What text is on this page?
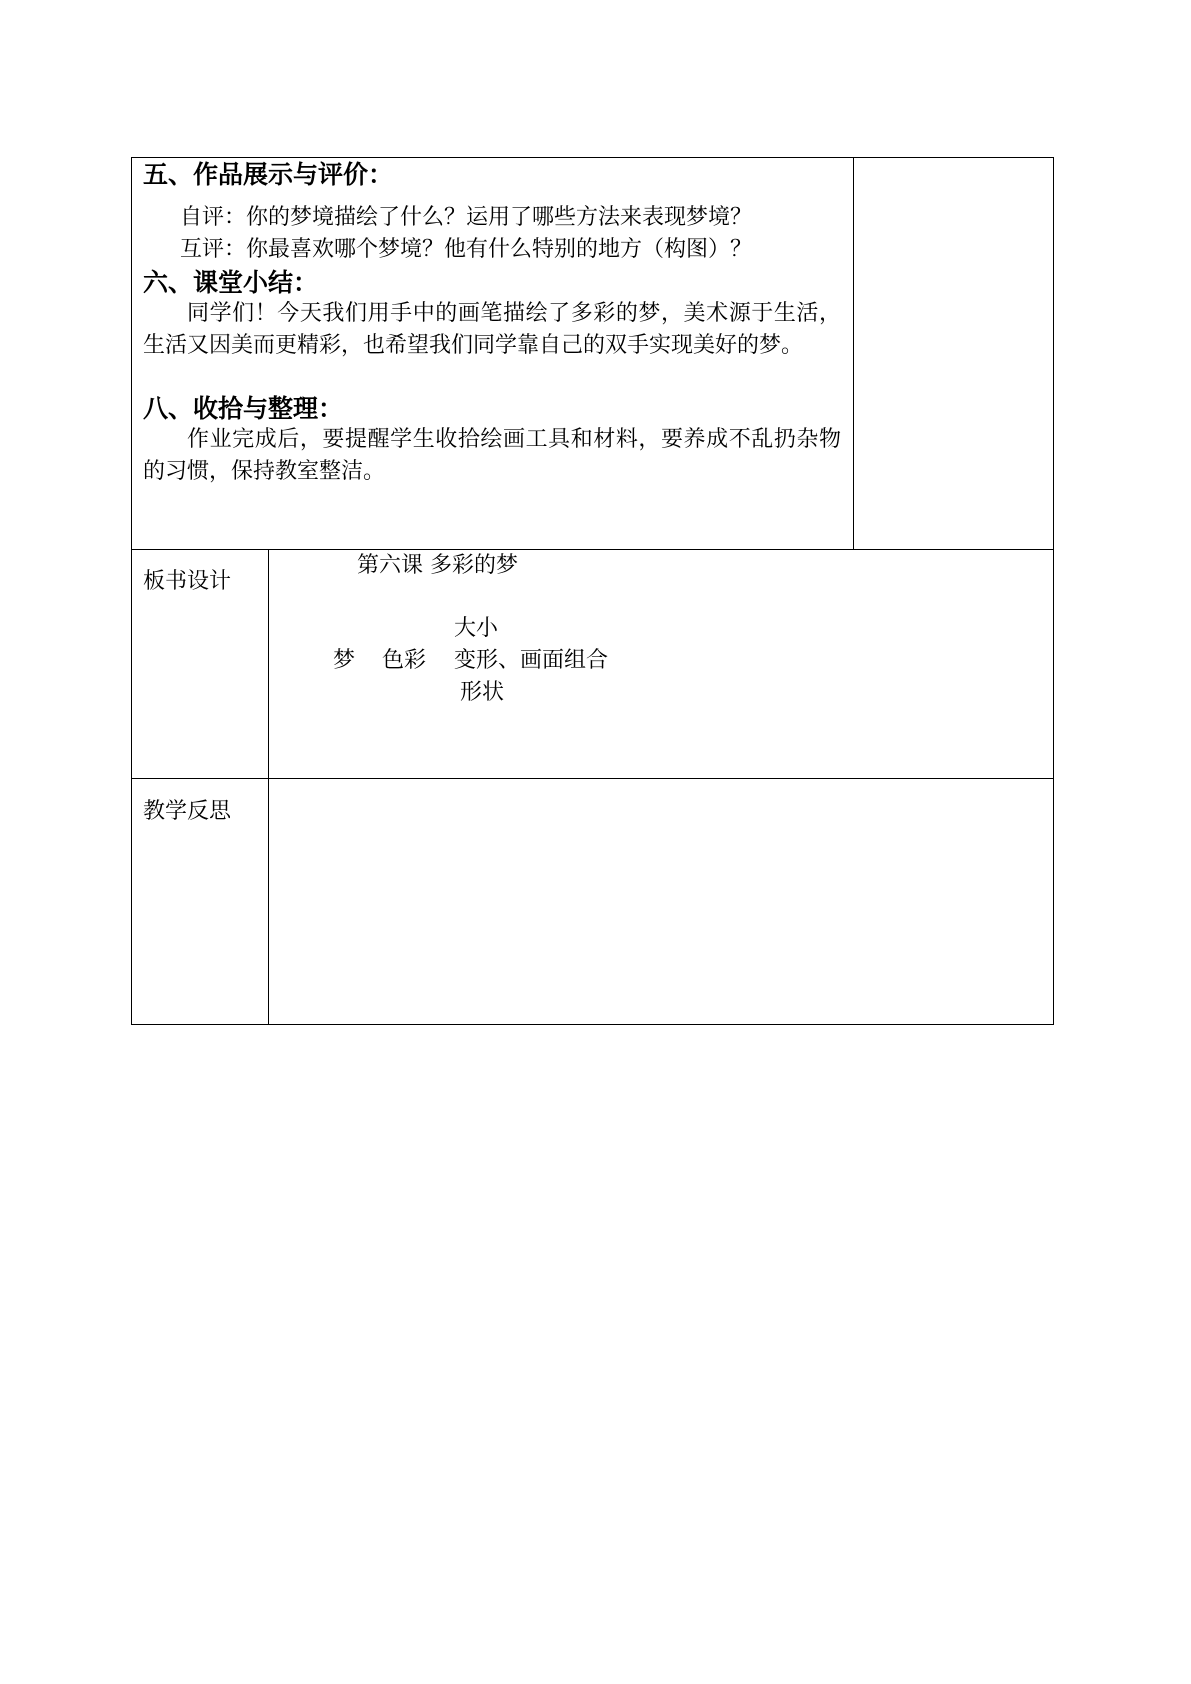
五、作品展示与评价：
自评：你的梦境描绘了什么？运用了哪些方法来表现梦境？
互评：你最喜欢哪个梦境？他有什么特别的地方（构图）？
六、课堂小结：
同学们！今天我们用手中的画笔描绘了多彩的梦，美术源于生活，生活又因美而更精彩，也希望我们同学靠自己的双手实现美好的梦。
八、收拾与整理：
作业完成后，要提醒学生收拾绘画工具和材料，要养成不乱扔杂物的习惯，保持教室整洁。
板书设计
第六课 多彩的梦
大小
梦 色彩 变形、画面组合
形状
教学反思
